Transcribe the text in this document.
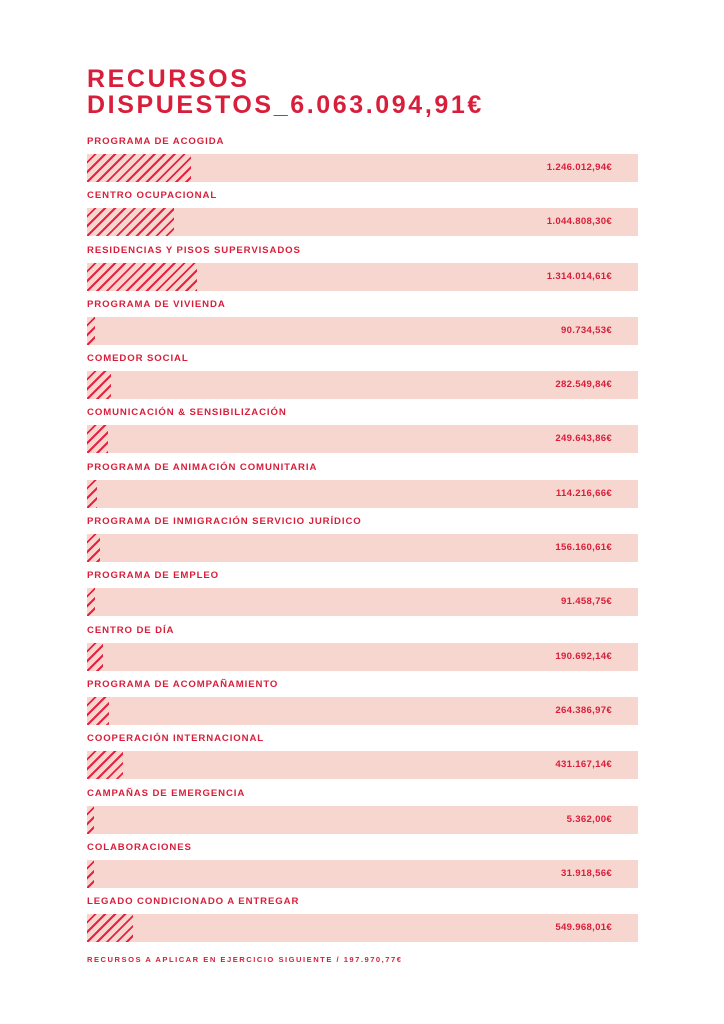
RECURSOS
DISPUESTOS_6.063.094,91€
PROGRAMA DE ACOGIDA
1.246.012,94€
CENTRO OCUPACIONAL
1.044.808,30€
RESIDENCIAS Y PISOS SUPERVISADOS
1.314.014,61€
PROGRAMA DE VIVIENDA
90.734,53€
COMEDOR SOCIAL
282.549,84€
COMUNICACIÓN & SENSIBILIZACIÓN
249.643,86€
PROGRAMA DE ANIMACIÓN COMUNITARIA
114.216,66€
PROGRAMA DE INMIGRACIÓN SERVICIO JURÍDICO
156.160,61€
PROGRAMA DE EMPLEO
91.458,75€
CENTRO DE DÍA
190.692,14€
PROGRAMA DE ACOMPAÑAMIENTO
264.386,97€
COOPERACIÓN INTERNACIONAL
431.167,14€
CAMPAÑAS DE EMERGENCIA
5.362,00€
COLABORACIONES
31.918,56€
LEGADO CONDICIONADO A ENTREGAR
549.968,01€
RECURSOS A APLICAR EN EJERCICIO SIGUIENTE / 197.970,77€
